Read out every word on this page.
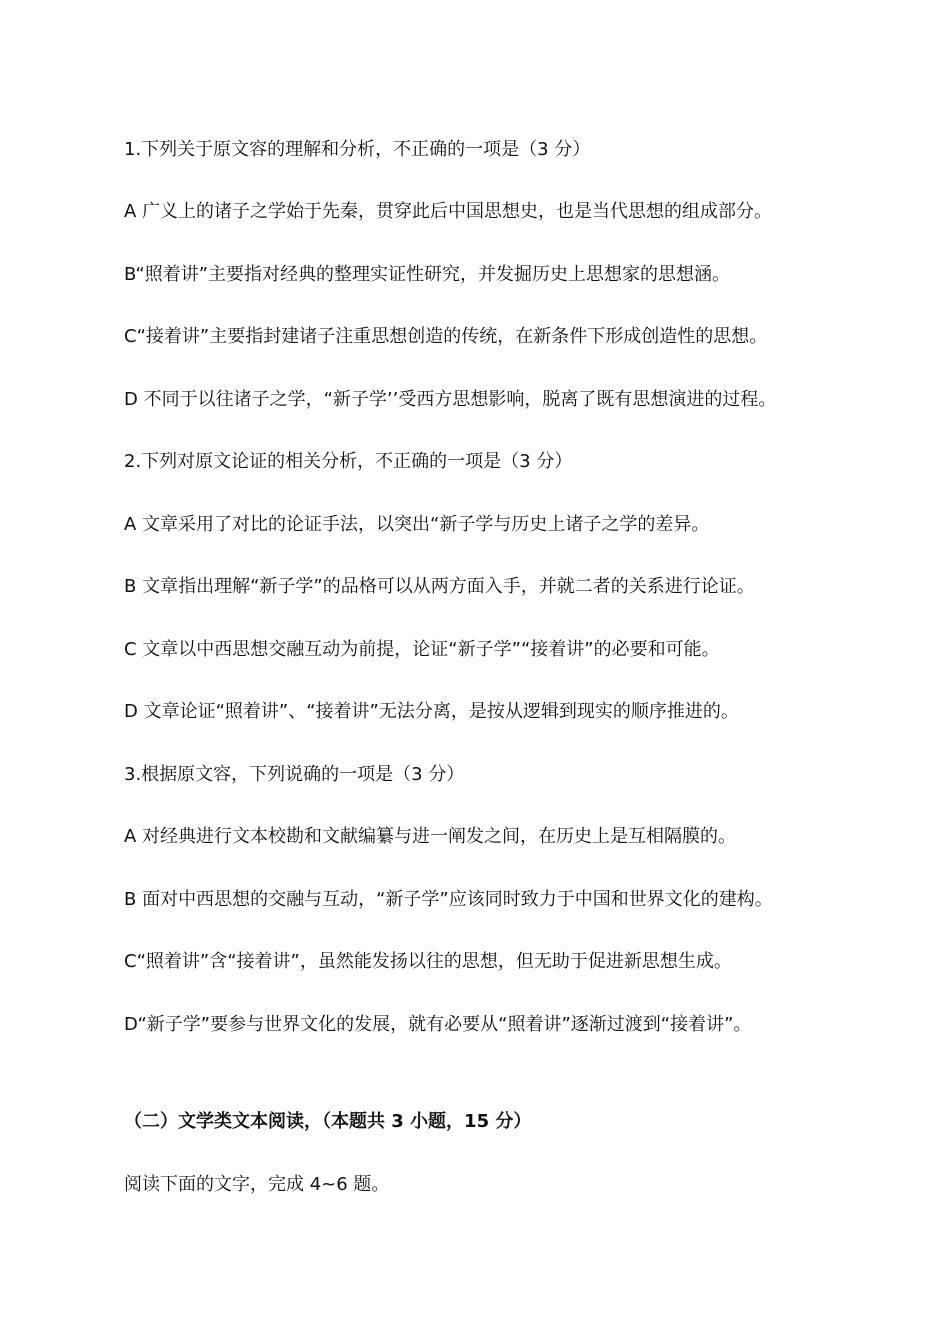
1.下列关于原文容的理解和分析，不正确的一项是（3 分）
A 广义上的诸子之学始于先秦，贯穿此后中国思想史，也是当代思想的组成部分。
B“照着讲”主要指对经典的整理实证性研究，并发掘历史上思想家的思想涵。
C“接着讲”主要指封建诸子注重思想创造的传统，在新条件下形成创造性的思想。
D 不同于以往诸子之学，“新子学’’受西方思想影响，脱离了既有思想演进的过程。
2.下列对原文论证的相关分析，不正确的一项是（3 分）
A 文章采用了对比的论证手法，以突出“新子学与历史上诸子之学的差异。
B 文章指出理解“新子学”的品格可以从两方面入手，并就二者的关系进行论证。
C 文章以中西思想交融互动为前提，论证“新子学”“接着讲”的必要和可能。
D 文章论证“照着讲”、“接着讲”无法分离，是按从逻辑到现实的顺序推进的。
3.根据原文容，下列说确的一项是（3 分）
A 对经典进行文本校勘和文献编纂与进一阐发之间，在历史上是互相隔膜的。
B 面对中西思想的交融与互动，“新子学”应该同时致力于中国和世界文化的建构。
C“照着讲”含“接着讲”，虽然能发扬以往的思想，但无助于促进新思想生成。
D“新子学”要参与世界文化的发展，就有必要从“照着讲”逐渐过渡到“接着讲”。
（二）文学类文本阅读，（本题共 3 小题，15 分）
阅读下面的文字，完成 4~6 题。
